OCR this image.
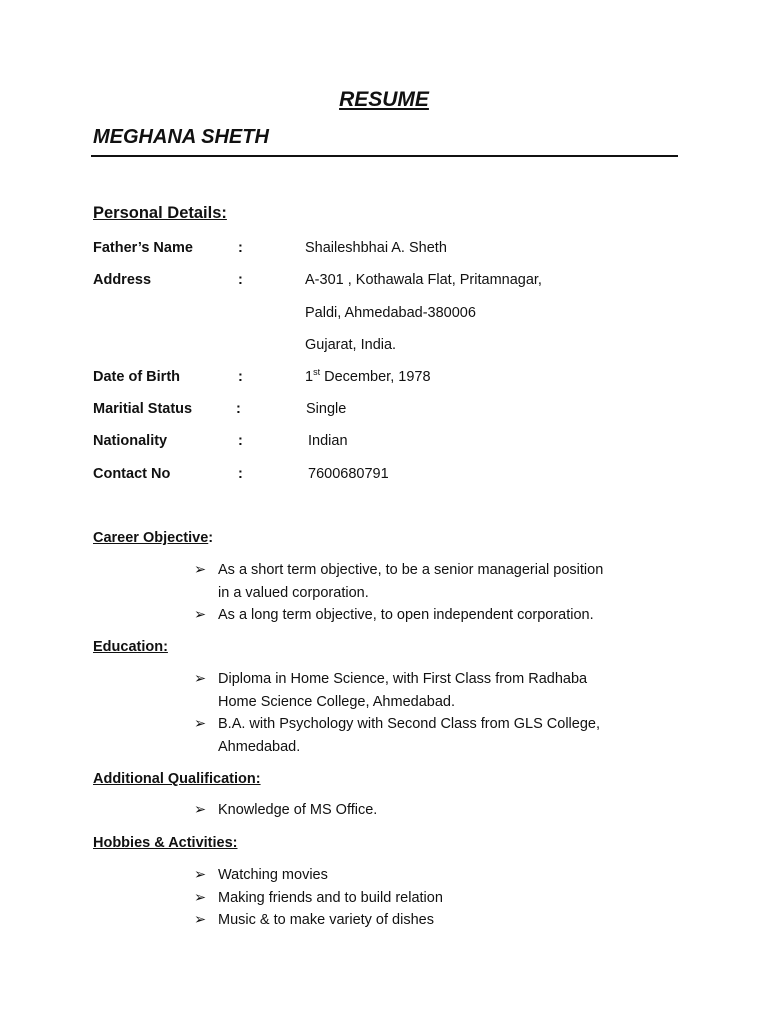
RESUME
MEGHANA SHETH
Personal Details:
Father’s Name	:	Shaileshbhai A. Sheth
Address	:	A-301 , Kothawala Flat, Pritamnagar,
Paldi, Ahmedabad-380006
Gujarat, India.
Date of Birth	:	1st December, 1978
Maritial Status	:	Single
Nationality	:	Indian
Contact No	:	7600680791
Career Objective:
➢ As a short term objective, to be a senior managerial position
in a valued corporation.
➢ As a long term objective, to open independent corporation.
Education:
➢ Diploma in Home Science, with First Class from Radhaba
Home Science College, Ahmedabad.
➢ B.A. with Psychology with Second Class from GLS College,
Ahmedabad.
Additional Qualification:
➢ Knowledge of MS Office.
Hobbies & Activities:
➢ Watching movies
➢ Making friends and to build relation
➢ Music & to make variety of dishes
